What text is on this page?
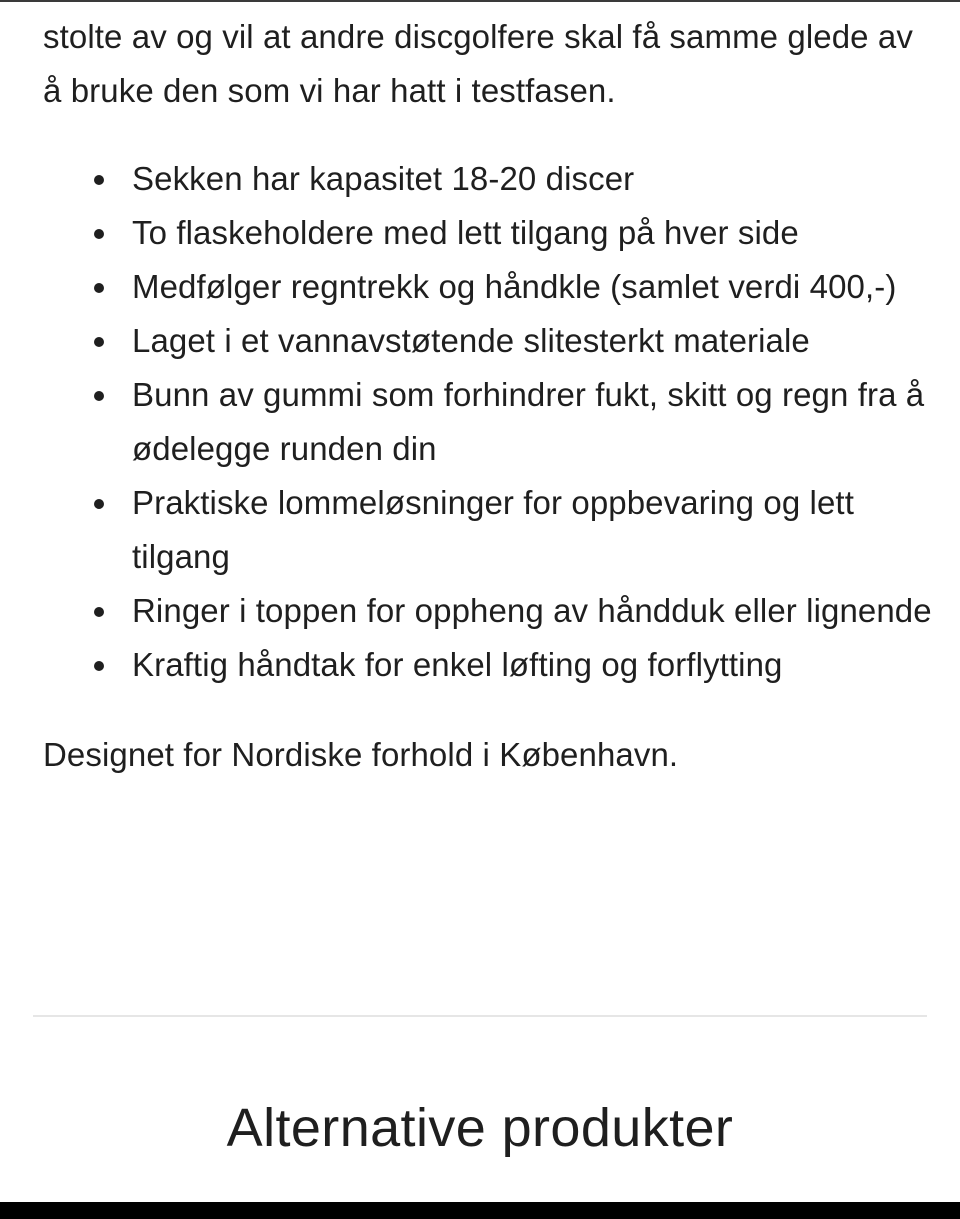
stolte av og vil at andre discgolfere skal få samme glede av å bruke den som vi har hatt i testfasen.

Sekken har kapasitet 18-20 discer
To flaskeholdere med lett tilgang på hver side
Medfølger regntrekk og håndkle (samlet verdi 400,-)
Laget i et vannavstøtende slitesterkt materiale
Bunn av gummi som forhindrer fukt, skitt og regn fra å ødelegge runden din
Praktiske lommeløsninger for oppbevaring og lett tilgang
Ringer i toppen for oppheng av håndduk eller lignende
Kraftig håndtak for enkel løfting og forflytting

Designet for Nordiske forhold i København.

Alternative produkter
